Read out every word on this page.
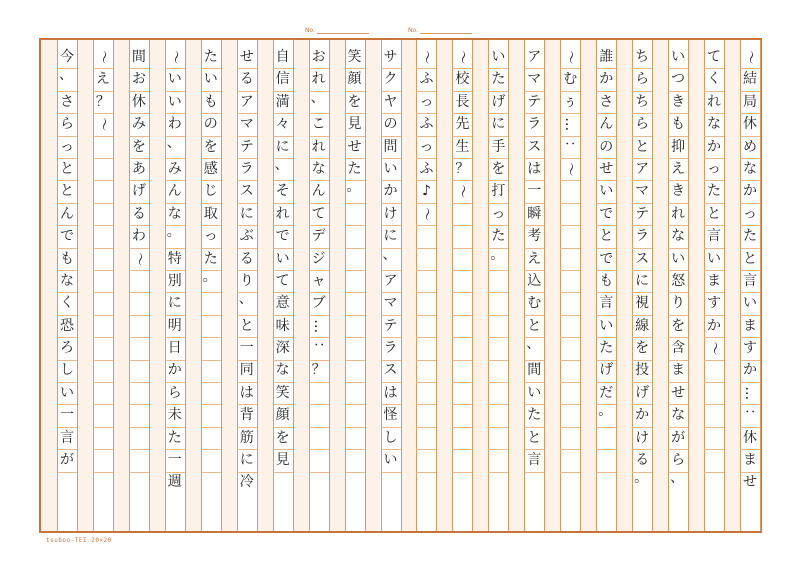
No.	No.
〜
結
局
休
め
な
か
っ
た
と
言
い
ま
す
か
…
：
休
ま
せ
て
く
れ
な
か
っ
た
と
言
い
ま
す
か
〜
い
つ
き
も
抑
え
き
れ
な
い
怒
り
を
含
ま
せ
な
が
ら
、
ち
ら
ち
ら
と
ア
マ
テ
ラ
ス
に
視
線
を
投
げ
か
け
る
。
誰
か
さ
ん
の
せ
い
で
と
で
も
言
い
た
げ
だ
。
〜
む
ぅ
…
：
〜
ア
マ
テ
ラ
ス
は
一
瞬
考
え
込
む
と
、
間
い
た
と
言
い
た
げ
に
手
を
打
っ
た
。
〜
校
長
先
生
？
〜
〜
ふ
っ
ふ
っ
ふ
♪
〜
サ
ク
ヤ
の
問
い
か
け
に
、
ア
マ
テ
ラ
ス
は
怪
し
い
笑
顔
を
見
せ
た
。
お
れ
、
こ
れ
な
ん
て
デ
ジ
ャ
ブ
…
：
？
自
信
満
々
に
、
そ
れ
で
い
て
意
味
深
な
笑
顔
を
見
せ
る
ア
マ
テ
ラ
ス
に
ぶ
る
り
、
と
一
同
は
背
筋
に
冷
た
い
も
の
を
感
じ
取
っ
た
。
〜
い
い
わ
、
み
ん
な
。
特
別
に
明
日
か
ら
未
た
一
週
間
お
休
み
を
あ
げ
る
わ
〜
〜
え
？
〜
今
、
さ
ら
っ
と
と
ん
で
も
な
く
恐
ろ
し
い
一
言
が
tsuboo-TEI 20×20
